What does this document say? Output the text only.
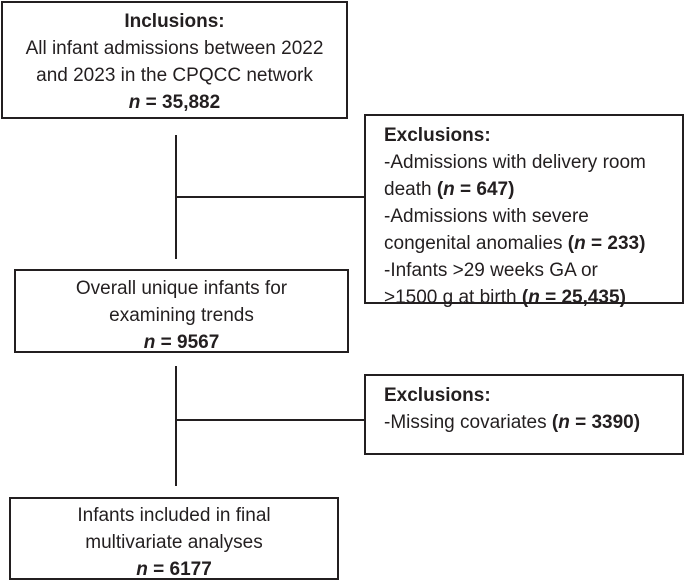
Inclusions:
All infant admissions between 2022
and 2023 in the CPQCC network
n = 35,882
Exclusions:
-Admissions with delivery room
death (n = 647)
-Admissions with severe
congenital anomalies (n = 233)
-Infants >29 weeks GA or
>1500 g at birth (n = 25,435)
Overall unique infants for
examining trends
n = 9567
Exclusions:
-Missing covariates (n = 3390)
Infants included in final
multivariate analyses
n = 6177
